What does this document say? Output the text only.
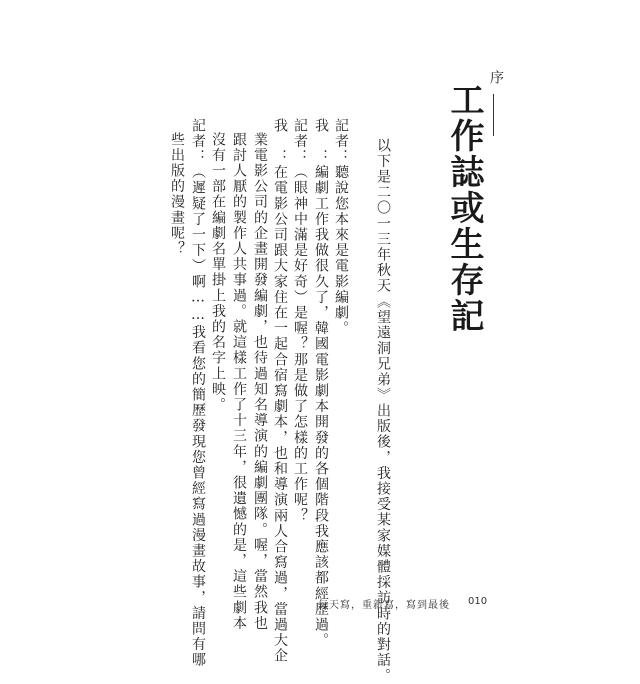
序
工作誌或生存記
以下是二〇一三年秋天《望遠洞兄弟》出版後，我接受某家媒體採訪時的對話。
記者：聽說您本來是電影編劇。
我　：編劇工作我做很久了，韓國電影劇本開發的各個階段我應該都經歷過。
記者：（眼神中滿是好奇）是喔？那是做了怎樣的工作呢？
我　：在電影公司跟大家住在一起合宿寫劇本，也和導演兩人合寫過，當過大企
業電影公司的企畫開發編劇，也待過知名導演的編劇團隊。喔，當然我也
跟討人厭的製作人共事過。就這樣工作了十三年，很遺憾的是，這些劇本
沒有一部在編劇名單掛上我的名字上映。
記者：（遲疑了一下）啊……我看您的簡歷發現您曾經寫過漫畫故事，請問有哪
些出版的漫畫呢？
每天寫，重新寫，寫到最後 010
